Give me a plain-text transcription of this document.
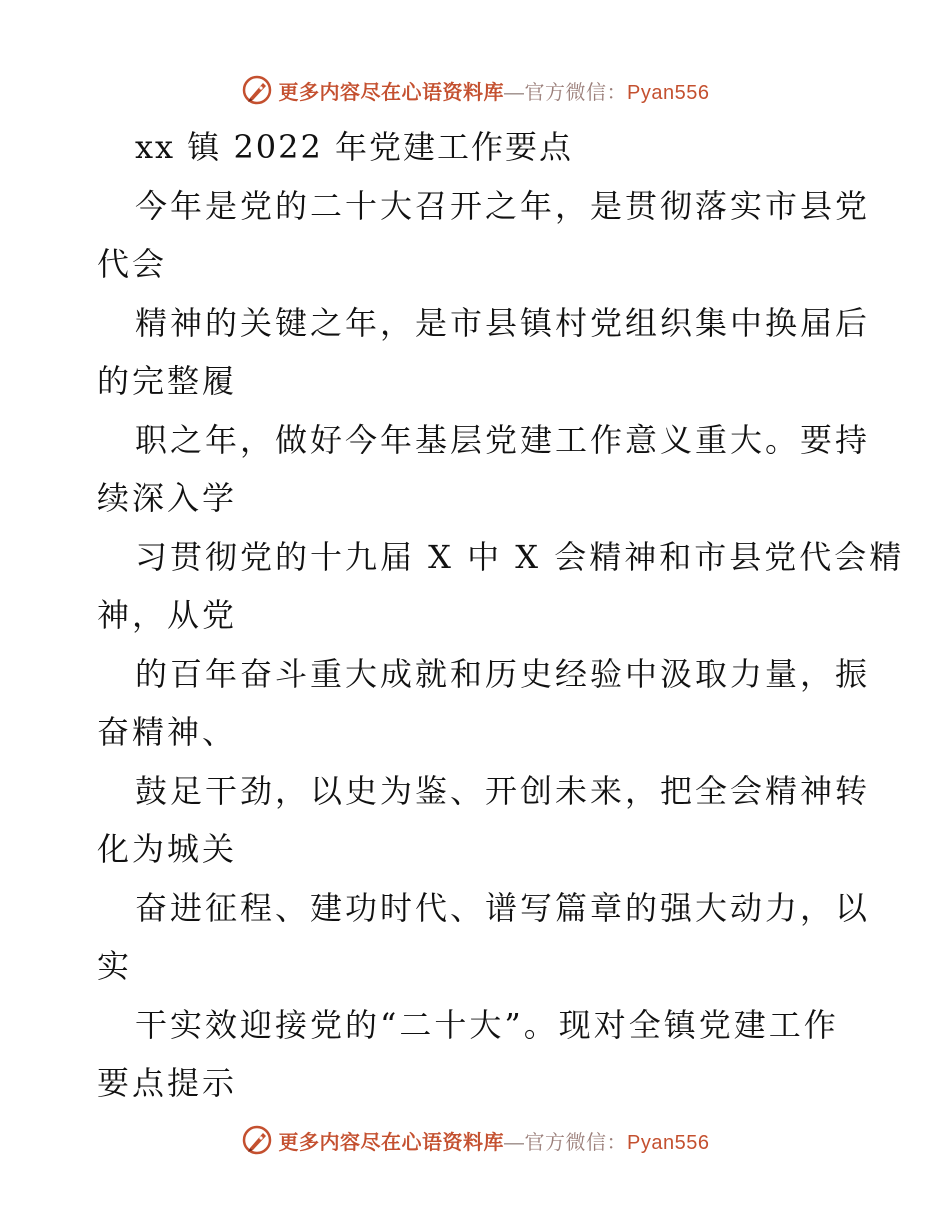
更多内容尽在心语资料库—官方微信：Pyan556
xx 镇 2022 年党建工作要点
今年是党的二十大召开之年，是贯彻落实市县党
代会
精神的关键之年，是市县镇村党组织集中换届后
的完整履
职之年，做好今年基层党建工作意义重大。要持
续深入学
习贯彻党的十九届 X 中 X 会精神和市县党代会精
神，从党
的百年奋斗重大成就和历史经验中汲取力量，振
奋精神、
鼓足干劲，以史为鉴、开创未来，把全会精神转
化为城关
奋进征程、建功时代、谱写篇章的强大动力，以
实
干实效迎接党的“二十大”。现对全镇党建工作
要点提示
更多内容尽在心语资料库—官方微信：Pyan556
